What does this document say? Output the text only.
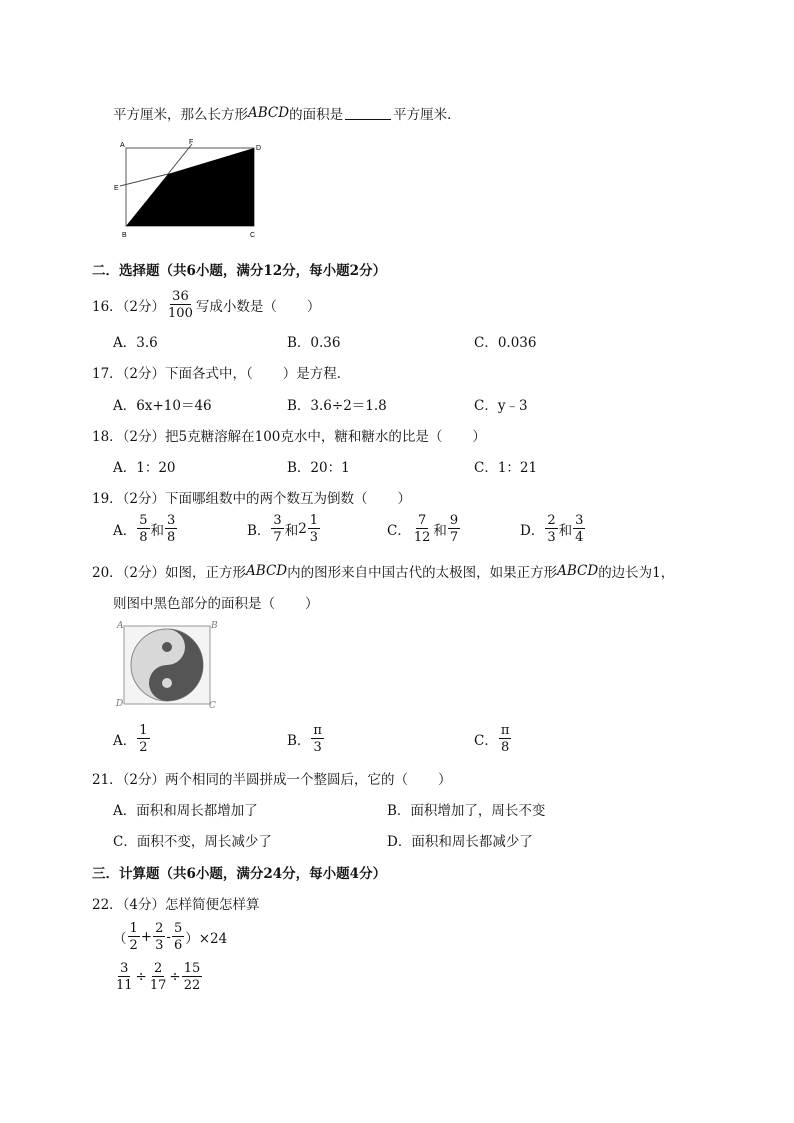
平方厘米，那么长方形 ABCD 的面积是	平方厘米．
A	F
D
E
B	C
二．选择题（共6小题，满分12分，每小题2分）
16．（2分） $\frac{36}{100}$ 写成小数是（ ）
A．3.6	B．0.36	C．0.036
17．（2分） 下面各式中，（ ）是方程．
A．6x+10＝46	B．3.6÷2＝1.8	C．y﹣3
18．（2分） 把5克糖溶解在100克水中，糖和糖水的比是（ ）
A．1：20	B．20：1	C．1：21
19．（2分） 下面哪组数中的两个数互为倒数（ ）
A． $\frac{5}{8}$ 和 $\frac{3}{8}$	B． $\frac{3}{7}$ 和 $2 \frac{1}{3}$	C． $\frac{7}{12}$ 和 $\frac{9}{7}$	D． $\frac{2}{3}$ 和 $\frac{3}{4}$
20．（2分） 如图，正方形 ABCD 内的图形来自中国古代的太极图，如果正方形 ABCD 的边长为1，
则图中黑色部分的面积是（ ）
A	B
C
D
A． $\frac{1}{2}$	B． $\frac{\pi}{3}$	C． $\frac{\pi}{8}$
21．（2分） 两个相同的半圆拼成一个整圆后，它的（ ）
A．面积和周长都增加了	B．面积增加了，周长不变
C．面积不变，周长减少了	D．面积和周长都减少了
三．计算题（共6小题，满分24分，每小题4分）
22．（4分） 怎样简便怎样算
（ $\frac{1}{2} + \frac{2}{3} - \frac{5}{6} )\times 24$
$\frac{3}{11} \div \frac{2}{17} \div \frac{15}{22}$
